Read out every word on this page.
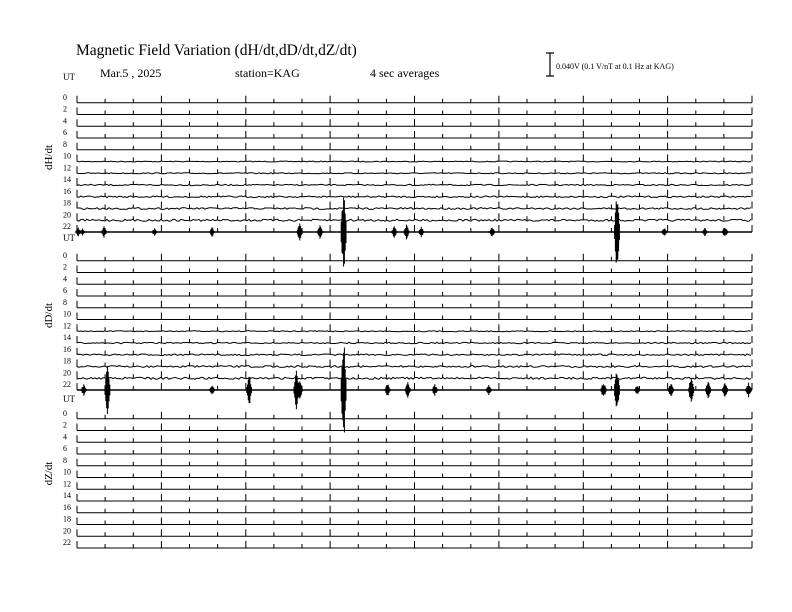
Magnetic Field Variation (dH/dt,dD/dt,dZ/dt)
Mar.5 , 2025	station=KAG	4 sec averages	0.040V (0.1 V/nT at 0.1 Hz at KAG)
UT
dH/dt
0
2
4
6
8
10
12
14
16
18
20
22
UT
dD/dt
0
2
4
6
8
10
12
14
16
18
20
22
UT
dZ/dt
0
2
4
6
8
10
12
14
16
18
20
22
